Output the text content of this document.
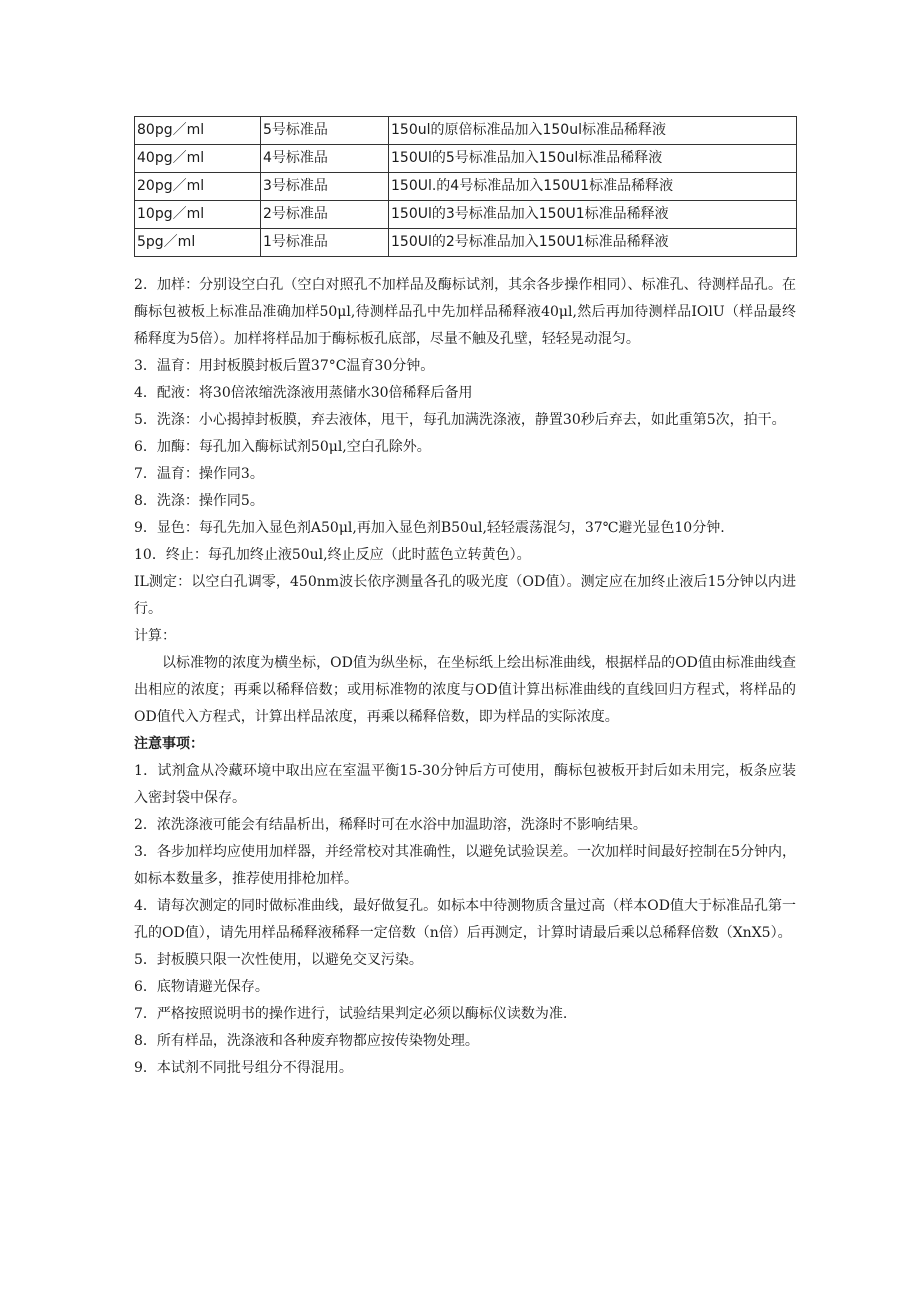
80pg／ml	5号标准品	150ul的原倍标准品加入150ul标准品稀释液
40pg／ml	4号标准品	150Ul的5号标准品加入150ul标准品稀释液
20pg／ml	3号标准品	150Ul.的4号标准品加入150U1标准品稀释液
10pg／ml	2号标准品	150Ul的3号标准品加入150U1标准品稀释液
5pg／ml	1号标准品	150Ul的2号标准品加入150U1标准品稀释液

2．加样：分别设空白孔（空白对照孔不加样品及酶标试剂，其余各步操作相同）、标准孔、待测样品孔。在酶标包被板上标准品准确加样50μl,待测样品孔中先加样品稀释液40μl,然后再加待测样品IOlU（样品最终稀释度为5倍）。加样将样品加于酶标板孔底部，尽量不触及孔壁，轻轻晃动混匀。

3．温育：用封板膜封板后置37°C温育30分钟。

4．配液：将30倍浓缩洗涤液用蒸储水30倍稀释后备用

5．洗涤：小心揭掉封板膜，弃去液体，甩干，每孔加满洗涤液，静置30秒后弃去，如此重第5次，拍干。

6．加酶：每孔加入酶标试剂50μl,空白孔除外。

7．温育：操作同3。

8．洗涤：操作同5。

9．显色：每孔先加入显色剂A50μl,再加入显色剂B50ul,轻轻震荡混匀，37℃避光显色10分钟.

10．终止：每孔加终止液50ul,终止反应（此时蓝色立转黄色）。

IL测定：以空白孔调零，450nm波长依序测量各孔的吸光度（OD值）。测定应在加终止液后15分钟以内进行。

计算：

以标准物的浓度为横坐标，OD值为纵坐标，在坐标纸上绘出标准曲线，根据样品的OD值由标准曲线查出相应的浓度；再乘以稀释倍数；或用标准物的浓度与OD值计算出标准曲线的直线回归方程式，将样品的OD值代入方程式，计算出样品浓度，再乘以稀释倍数，即为样品的实际浓度。

注意事项：

1．试剂盒从冷藏环境中取出应在室温平衡15-30分钟后方可使用，酶标包被板开封后如未用完，板条应装入密封袋中保存。

2．浓洗涤液可能会有结晶析出，稀释时可在水浴中加温助溶，洗涤时不影响结果。

3．各步加样均应使用加样器，并经常校对其准确性，以避免试验误差。一次加样时间最好控制在5分钟内，如标本数量多，推荐使用排枪加样。

4．请每次测定的同时做标准曲线，最好做复孔。如标本中待测物质含量过高（样本OD值大于标准品孔第一孔的OD值），请先用样品稀释液稀释一定倍数（n倍）后再测定，计算时请最后乘以总稀释倍数（XnX5）。

5．封板膜只限一次性使用，以避免交叉污染。

6．底物请避光保存。

7．严格按照说明书的操作进行，试验结果判定必须以酶标仪读数为准.

8．所有样品，洗涤液和各种废弃物都应按传染物处理。

9．本试剂不同批号组分不得混用。
